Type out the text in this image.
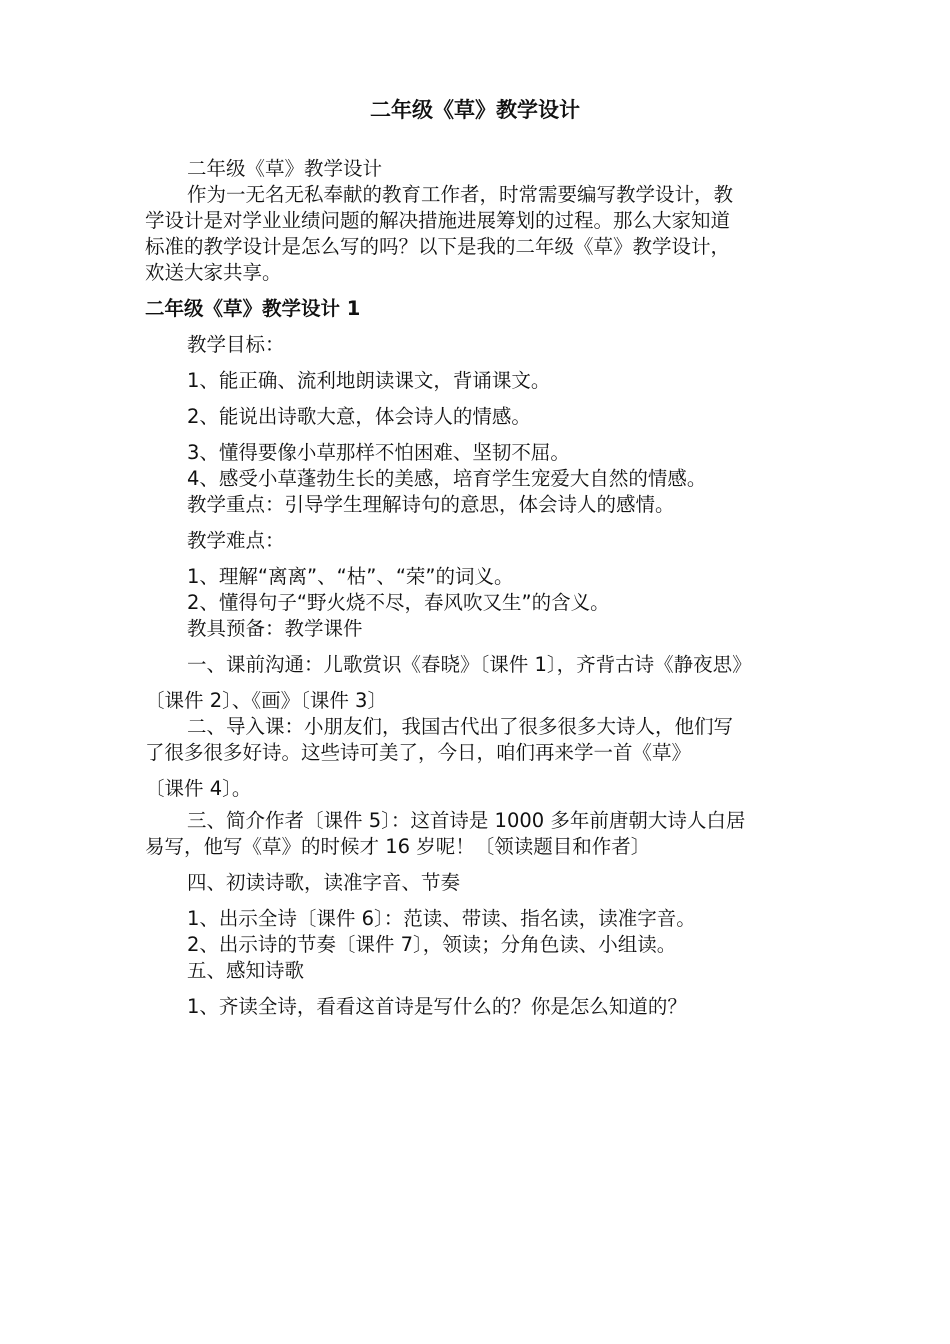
二年级《草》教学设计

二年级《草》教学设计

作为一无名无私奉献的教育工作者，时常需要编写教学设计，教

学设计是对学业业绩问题的解决措施进展筹划的过程。那么大家知道

标准的教学设计是怎么写的吗？以下是我的二年级《草》教学设计，

欢送大家共享。

二年级《草》教学设计 1

教学目标：

1、能正确、流利地朗读课文，背诵课文。

2、能说出诗歌大意，体会诗人的情感。

3、懂得要像小草那样不怕困难、坚韧不屈。

4、感受小草蓬勃生长的美感，培育学生宠爱大自然的情感。

教学重点：引导学生理解诗句的意思，体会诗人的感情。

教学难点：

1、理解“离离”、“枯”、“荣”的词义。

2、懂得句子“野火烧不尽，春风吹又生”的含义。

教具预备：教学课件

一、课前沟通：儿歌赏识《春晓》〔课件 1〕，齐背古诗《静夜思》

〔课件 2〕、《画》〔课件 3〕

二、导入课：小朋友们，我国古代出了很多很多大诗人，他们写

了很多很多好诗。这些诗可美了，今日，咱们再来学一首《草》

〔课件 4〕。

三、简介作者〔课件 5〕：这首诗是 1000 多年前唐朝大诗人白居

易写，他写《草》的时候才 16 岁呢！〔领读题目和作者〕

四、初读诗歌，读准字音、节奏

1、出示全诗〔课件 6〕：范读、带读、指名读，读准字音。

2、出示诗的节奏〔课件 7〕，领读；分角色读、小组读。

五、感知诗歌

1、齐读全诗，看看这首诗是写什么的？你是怎么知道的？
